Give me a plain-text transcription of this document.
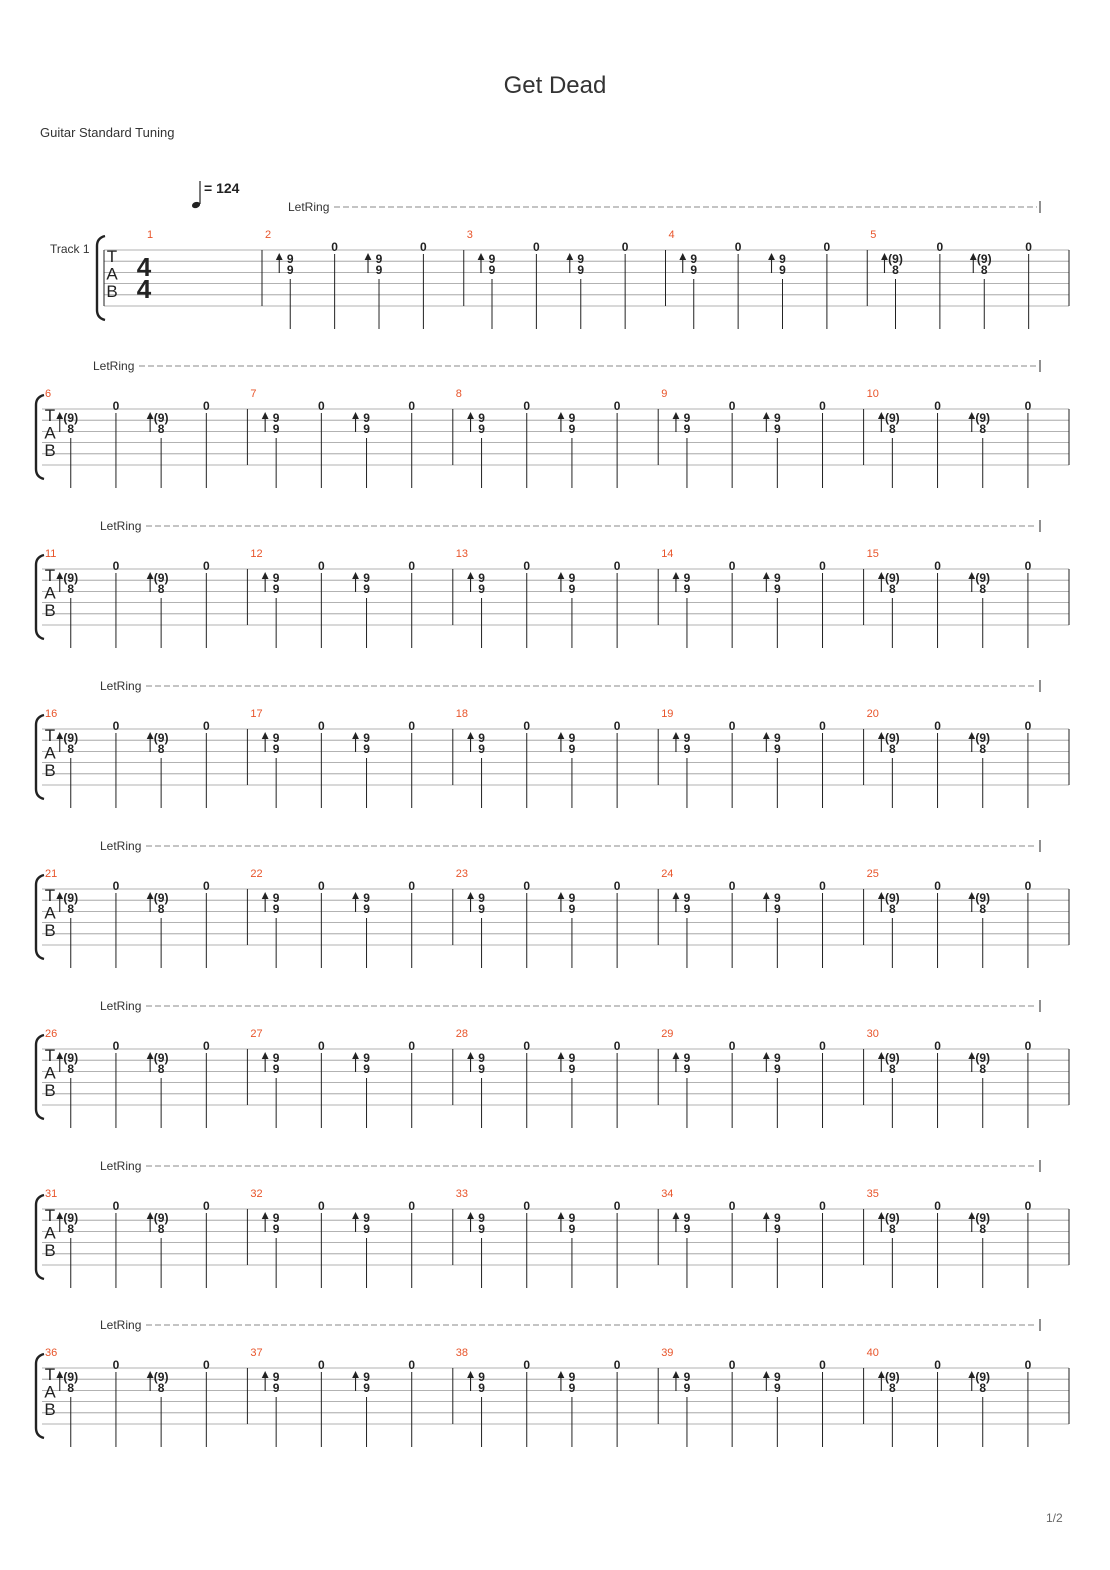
Get Dead
Guitar Standard Tuning
= 124
Track 1 T
A
B
4
4
LetRing
1	2
9
9
0
9
9
0
3
9
9
0
9
9
0
4
9
9
0
9
9
0
5
(9)
8
0
(9)
8
0
T
A
B
LetRing
6
(9)
8
0
(9)
8
0
7
9
9
0
9
9
0
8
9
9
0
9
9
0
9
9
9
0
9
9
0
10
(9)
8
0
(9)
8
0
T
A
B
LetRing
11
(9)
8
0
(9)
8
0
12
9
9
0
9
9
0
13
9
9
0
9
9
0
14
9
9
0
9
9
0
15
(9)
8
0
(9)
8
0
T
A
B
LetRing
16
(9)
8
0
(9)
8
0
17
9
9
0
9
9
0
18
9
9
0
9
9
0
19
9
9
0
9
9
0
20
(9)
8
0
(9)
8
0
T
A
B
LetRing
21
(9)
8
0
(9)
8
0
22
9
9
0
9
9
0
23
9
9
0
9
9
0
24
9
9
0
9
9
0
25
(9)
8
0
(9)
8
0
T
A
B
LetRing
26
(9)
8
0
(9)
8
0
27
9
9
0
9
9
0
28
9
9
0
9
9
0
29
9
9
0
9
9
0
30
(9)
8
0
(9)
8
0
T
A
B
LetRing
31
(9)
8
0
(9)
8
0
32
9
9
0
9
9
0
33
9
9
0
9
9
0
34
9
9
0
9
9
0
35
(9)
8
0
(9)
8
0
T
A
B
LetRing
36
(9)
8
0
(9)
8
0
37
9
9
0
9
9
0
38
9
9
0
9
9
0
39
9
9
0
9
9
0
40
(9)
8
0
(9)
8
0
1/2
